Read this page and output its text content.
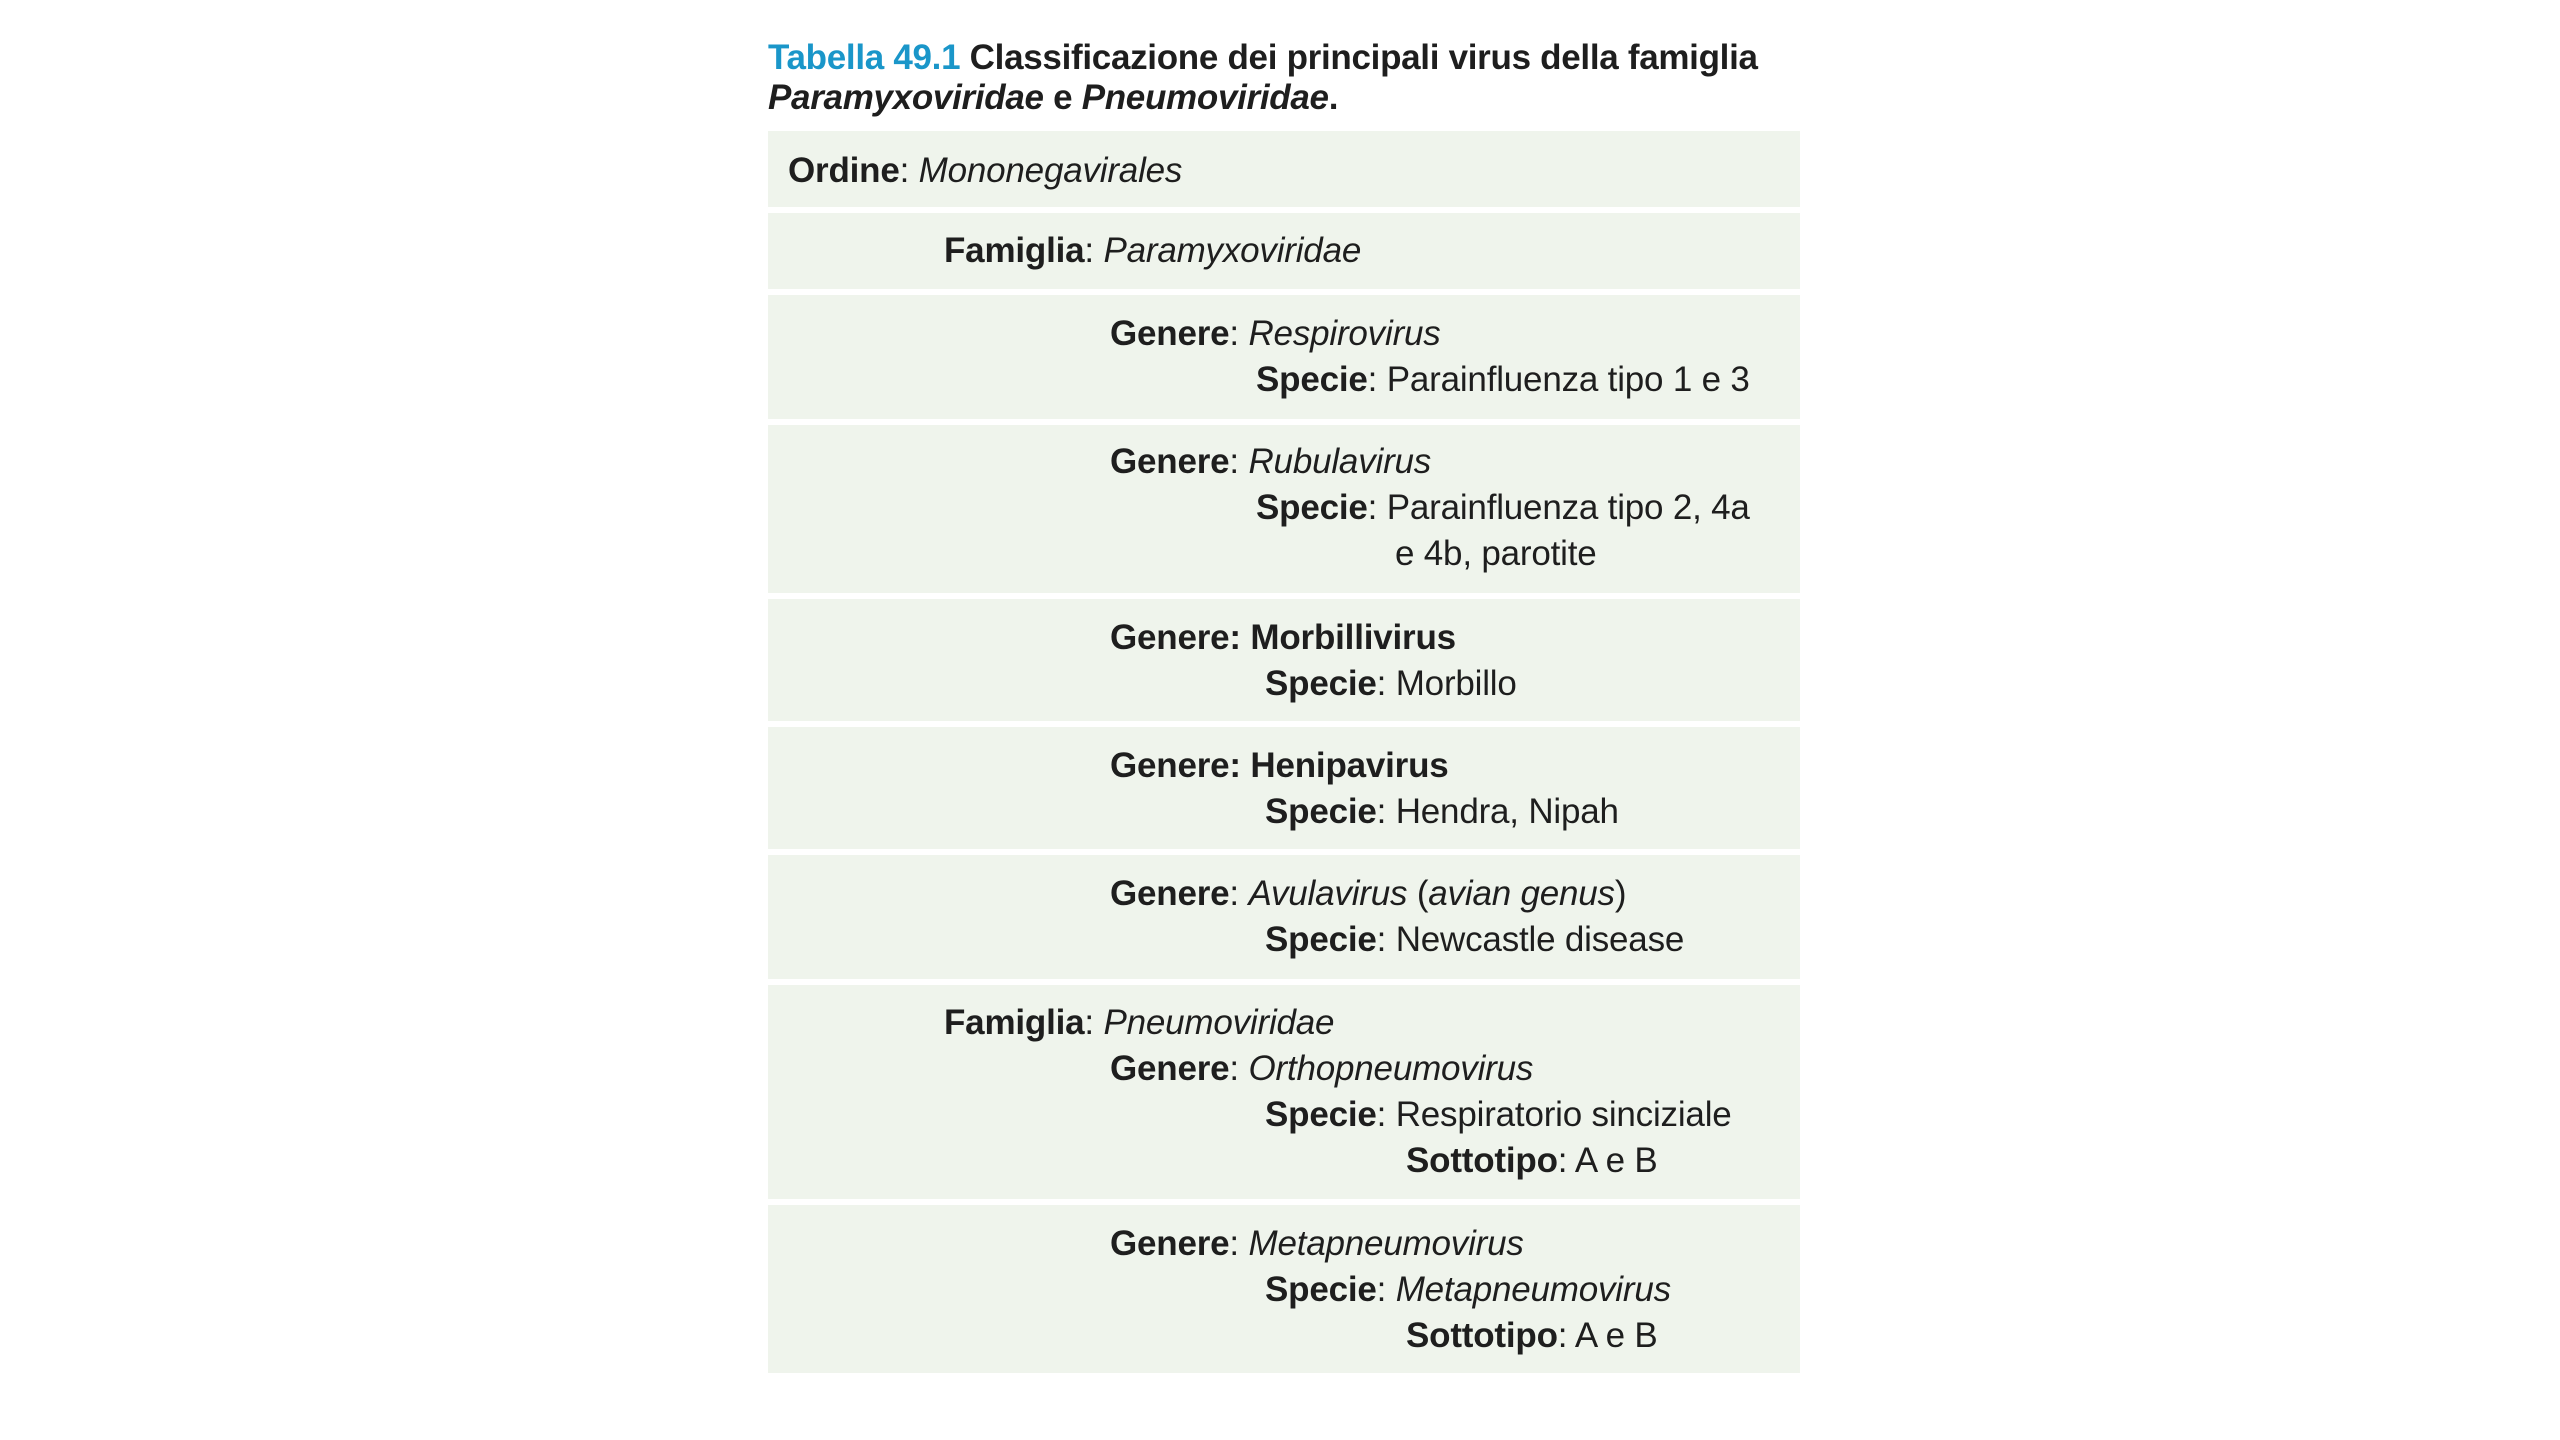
Tabella 49.1 Classificazione dei principali virus della famiglia
Paramyxoviridae e Pneumoviridae.
Ordine: Mononegavirales
Famiglia: Paramyxoviridae
Genere: Respirovirus
Specie: Parainfluenza tipo 1 e 3
Genere: Rubulavirus
Specie: Parainfluenza tipo 2, 4a
e 4b, parotite
Genere: Morbillivirus
Specie: Morbillo
Genere: Henipavirus
Specie: Hendra, Nipah
Genere: Avulavirus (avian genus)
Specie: Newcastle disease
Famiglia: Pneumoviridae
Genere: Orthopneumovirus
Specie: Respiratorio sinciziale
Sottotipo: A e B
Genere: Metapneumovirus
Specie: Metapneumovirus
Sottotipo: A e B
